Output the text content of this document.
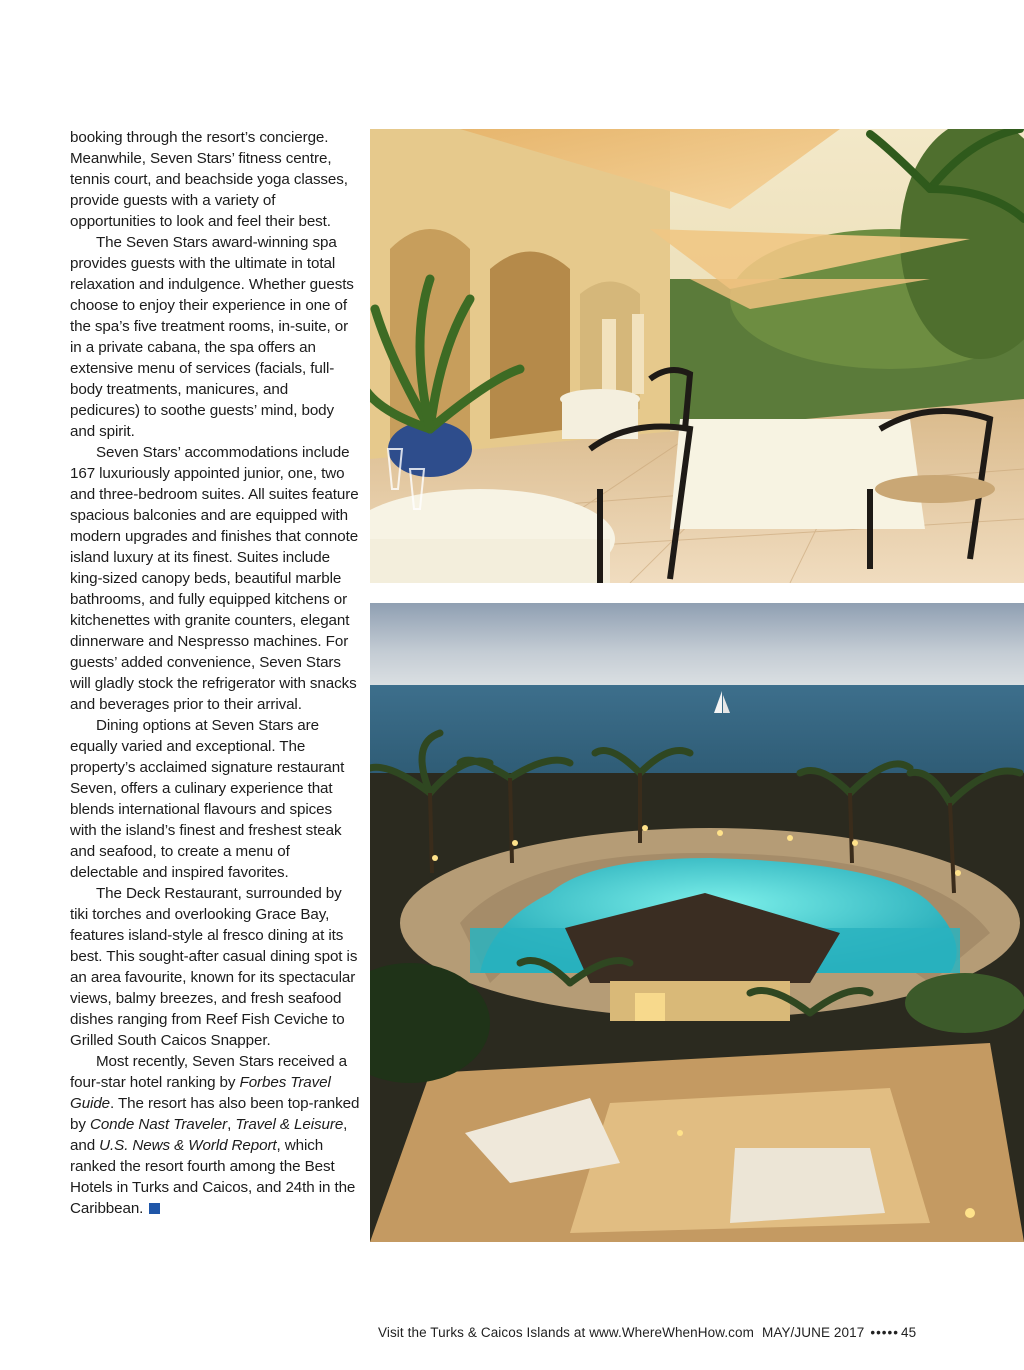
booking through the resort’s concierge. Meanwhile, Seven Stars’ fitness centre, tennis court, and beachside yoga classes, provide guests with a variety of opportunities to look and feel their best.

The Seven Stars award-winning spa provides guests with the ultimate in total relaxation and indulgence. Whether guests choose to enjoy their experience in one of the spa’s five treatment rooms, in-suite, or in a private cabana, the spa offers an extensive menu of services (facials, full-body treatments, manicures, and pedicures) to soothe guests’ mind, body and spirit.

Seven Stars’ accommodations include 167 luxuriously appointed junior, one, two and three-bedroom suites. All suites feature spacious balconies and are equipped with modern upgrades and finishes that connote island luxury at its finest. Suites include king-sized canopy beds, beautiful marble bathrooms, and fully equipped kitchens or kitchenettes with granite counters, elegant dinnerware and Nespresso machines. For guests’ added convenience, Seven Stars will gladly stock the refrigerator with snacks and beverages prior to their arrival.

Dining options at Seven Stars are equally varied and exceptional. The property’s acclaimed signature restaurant Seven, offers a culinary experience that blends international flavours and spices with the island’s finest and freshest steak and seafood, to create a menu of delectable and inspired favorites.

The Deck Restaurant, surrounded by tiki torches and overlooking Grace Bay, features island-style al fresco dining at its best. This sought-after casual dining spot is an area favourite, known for its spectacular views, balmy breezes, and fresh seafood dishes ranging from Reef Fish Ceviche to Grilled South Caicos Snapper.

Most recently, Seven Stars received a four-star hotel ranking by Forbes Travel Guide. The resort has also been top-ranked by Conde Nast Traveler, Travel & Leisure, and U.S. News & World Report, which ranked the resort fourth among the Best Hotels in Turks and Caicos, and 24th in the Caribbean.

Visit the Turks & Caicos Islands at www.WhereWhenHow.com MAY/JUNE 2017 ••••• 45
